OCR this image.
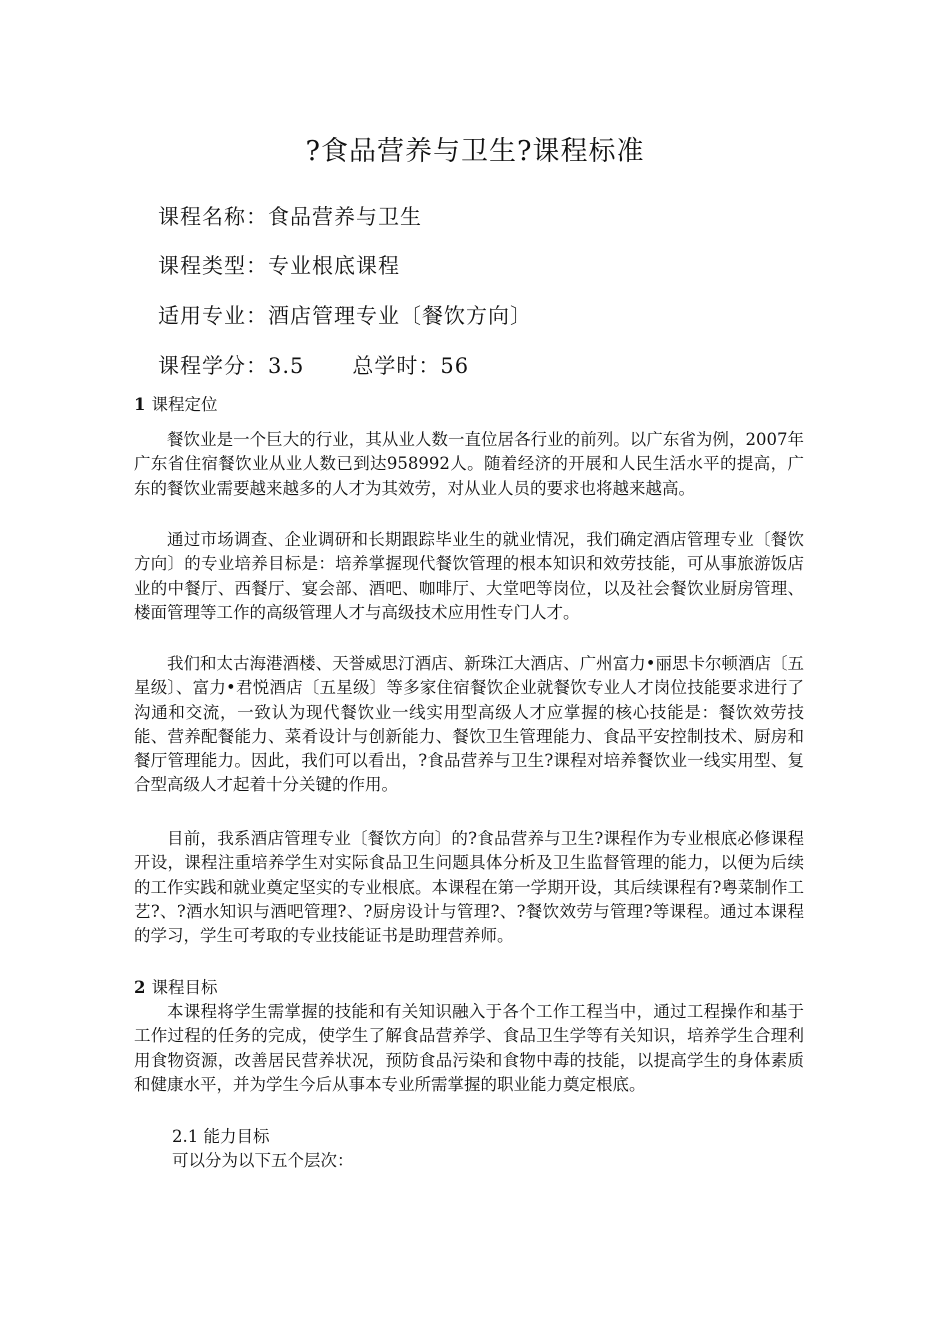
?食品营养与卫生?课程标准
课程名称：食品营养与卫生
课程类型：专业根底课程
适用专业：酒店管理专业〔餐饮方向〕
课程学分：3.5 总学时：56
1 课程定位
餐饮业是一个巨大的行业，其从业人数一直位居各行业的前列。以广东省为例，2007年广东省住宿餐饮业从业人数已到达958992人。随着经济的开展和人民生活水平的提高，广东的餐饮业需要越来越多的人才为其效劳，对从业人员的要求也将越来越高。
通过市场调查、企业调研和长期跟踪毕业生的就业情况，我们确定酒店管理专业〔餐饮方向〕的专业培养目标是：培养掌握现代餐饮管理的根本知识和效劳技能，可从事旅游饭店业的中餐厅、西餐厅、宴会部、酒吧、咖啡厅、大堂吧等岗位，以及社会餐饮业厨房管理、楼面管理等工作的高级管理人才与高级技术应用性专门人才。
我们和太古海港酒楼、天誉威思汀酒店、新珠江大酒店、广州富力•丽思卡尔顿酒店〔五星级〕、富力•君悦酒店〔五星级〕等多家住宿餐饮企业就餐饮专业人才岗位技能要求进行了沟通和交流，一致认为现代餐饮业一线实用型高级人才应掌握的核心技能是：餐饮效劳技能、营养配餐能力、菜肴设计与创新能力、餐饮卫生管理能力、食品平安控制技术、厨房和餐厅管理能力。因此，我们可以看出，?食品营养与卫生?课程对培养餐饮业一线实用型、复合型高级人才起着十分关键的作用。
目前，我系酒店管理专业〔餐饮方向〕的?食品营养与卫生?课程作为专业根底必修课程开设，课程注重培养学生对实际食品卫生问题具体分析及卫生监督管理的能力，以便为后续的工作实践和就业奠定坚实的专业根底。本课程在第一学期开设，其后续课程有?粤菜制作工艺?、?酒水知识与酒吧管理?、?厨房设计与管理?、?餐饮效劳与管理?等课程。通过本课程的学习，学生可考取的专业技能证书是助理营养师。
2 课程目标
本课程将学生需掌握的技能和有关知识融入于各个工作工程当中，通过工程操作和基于工作过程的任务的完成，使学生了解食品营养学、食品卫生学等有关知识，培养学生合理利用食物资源，改善居民营养状况，预防食品污染和食物中毒的技能，以提高学生的身体素质和健康水平，并为学生今后从事本专业所需掌握的职业能力奠定根底。
2.1 能力目标
可以分为以下五个层次：
